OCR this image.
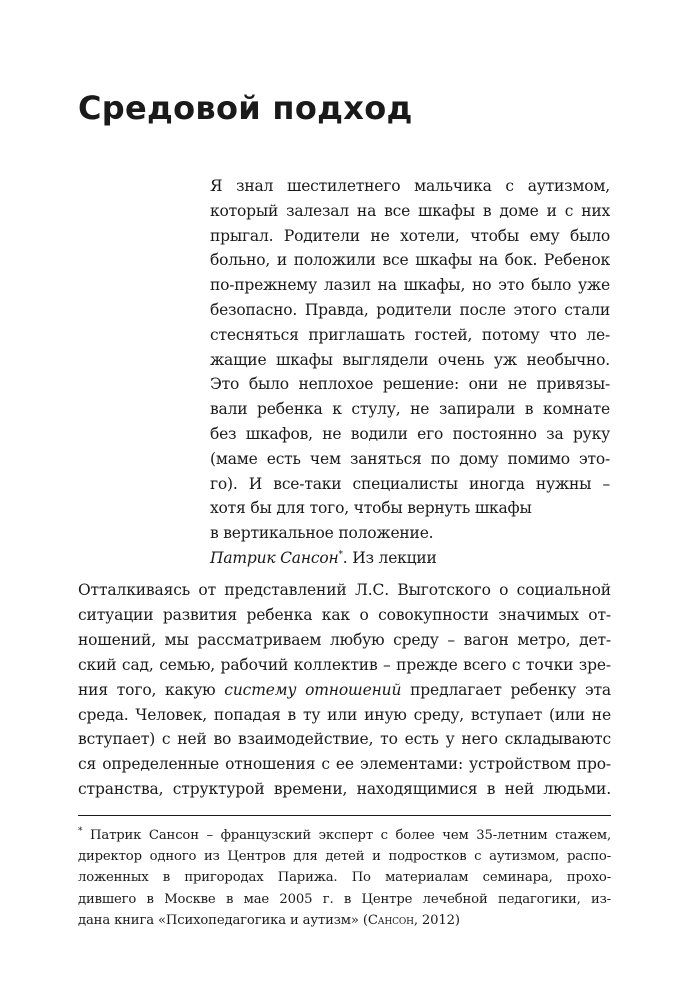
Средовой подход
Я знал шестилетнего мальчика с аутизмом,
который залезал на все шкафы в доме и с них
прыгал. Родители не хотели, чтобы ему было
больно, и положили все шкафы на бок. Ребенок
по-прежнему лазил на шкафы, но это было уже
безопасно. Правда, родители после этого стали
стесняться приглашать гостей, потому что ле-
жащие шкафы выглядели очень уж необычно.
Это было неплохое решение: они не привязы-
вали ребенка к стулу, не запирали в комнате
без шкафов, не водили его постоянно за руку
(маме есть чем заняться по дому помимо это-
го). И все-таки специалисты иногда нужны –
хотя бы для того, чтобы вернуть шкафы
в вертикальное положение.
Патрик Сансон*. Из лекции
Отталкиваясь от представлений Л.С. Выготского о социальной
ситуации развития ребенка как о совокупности значимых от-
ношений, мы рассматриваем любую среду – вагон метро, дет-
ский сад, семью, рабочий коллектив – прежде всего с точки зре-
ния того, какую систему отношений предлагает ребенку эта
среда. Человек, попадая в ту или иную среду, вступает (или не
вступает) с ней во взаимодействие, то есть у него складываютс
ся определенные отношения с ее элементами: устройством про-
странства, структурой времени, находящимися в ней людьми.
* Патрик Сансон – французский эксперт с более чем 35-летним стажем,
директор одного из Центров для детей и подростков с аутизмом, распо-
ложенных в пригородах Парижа. По материалам семинара, прохо-
дившего в Москве в мае 2005 г. в Центре лечебной педагогики, из-
дана книга «Психопедагогика и аутизм» (Сансон, 2012)
